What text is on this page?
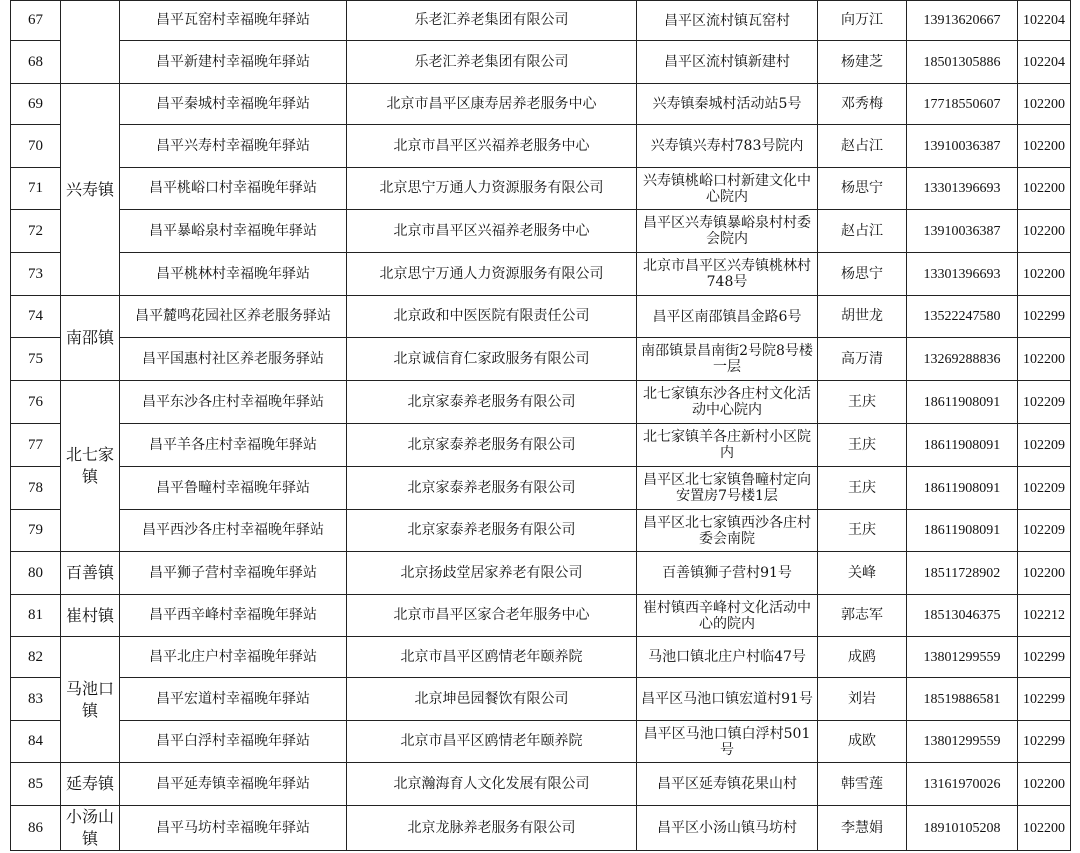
67		昌平瓦窑村幸福晚年驿站	乐老汇养老集团有限公司	昌平区流村镇瓦窑村	向万江	13913620667	102204
68		昌平新建村幸福晚年驿站	乐老汇养老集团有限公司	昌平区流村镇新建村	杨建芝	18501305886	102204
69	兴寿镇	昌平秦城村幸福晚年驿站	北京市昌平区康寿居养老服务中心	兴寿镇秦城村活动站5号	邓秀梅	17718550607	102200
70		昌平兴寿村幸福晚年驿站	北京市昌平区兴福养老服务中心	兴寿镇兴寿村783号院内	赵占江	13910036387	102200
71		昌平桃峪口村幸福晚年驿站	北京思宁万通人力资源服务有限公司	兴寿镇桃峪口村新建文化中心院内	杨思宁	13301396693	102200
72		昌平暴峪泉村幸福晚年驿站	北京市昌平区兴福养老服务中心	昌平区兴寿镇暴峪泉村村委会院内	赵占江	13910036387	102200
73		昌平桃林村幸福晚年驿站	北京思宁万通人力资源服务有限公司	北京市昌平区兴寿镇桃林村748号	杨思宁	13301396693	102200
74	南邵镇	昌平麓鸣花园社区养老服务驿站	北京政和中医医院有限责任公司	昌平区南邵镇昌金路6号	胡世龙	13522247580	102299
75		昌平国惠村社区养老服务驿站	北京诚信育仁家政服务有限公司	南邵镇景昌南街2号院8号楼一层	高万清	13269288836	102200
76	北七家镇	昌平东沙各庄村幸福晚年驿站	北京家泰养老服务有限公司	北七家镇东沙各庄村文化活动中心院内	王庆	18611908091	102209
77		昌平羊各庄村幸福晚年驿站	北京家泰养老服务有限公司	北七家镇羊各庄新村小区院内	王庆	18611908091	102209
78		昌平鲁疃村幸福晚年驿站	北京家泰养老服务有限公司	昌平区北七家镇鲁疃村定向安置房7号楼1层	王庆	18611908091	102209
79		昌平西沙各庄村幸福晚年驿站	北京家泰养老服务有限公司	昌平区北七家镇西沙各庄村委会南院	王庆	18611908091	102209
80	百善镇	昌平狮子营村幸福晚年驿站	北京扬歧堂居家养老有限公司	百善镇狮子营村91号	关峰	18511728902	102200
81	崔村镇	昌平西辛峰村幸福晚年驿站	北京市昌平区家合老年服务中心	崔村镇西辛峰村文化活动中心的院内	郭志军	18513046375	102212
82	马池口镇	昌平北庄户村幸福晚年驿站	北京市昌平区鸥情老年颐养院	马池口镇北庄户村临47号	成鸥	13801299559	102299
83		昌平宏道村幸福晚年驿站	北京坤邑园餐饮有限公司	昌平区马池口镇宏道村91号	刘岩	18519886581	102299
84		昌平白浮村幸福晚年驿站	北京市昌平区鸥情老年颐养院	昌平区马池口镇白浮村501号	成欧	13801299559	102299
85	延寿镇	昌平延寿镇幸福晚年驿站	北京瀚海育人文化发展有限公司	昌平区延寿镇花果山村	韩雪莲	13161970026	102200
86	小汤山镇	昌平马坊村幸福晚年驿站	北京龙脉养老服务有限公司	昌平区小汤山镇马坊村	李慧娟	18910105208	102200
